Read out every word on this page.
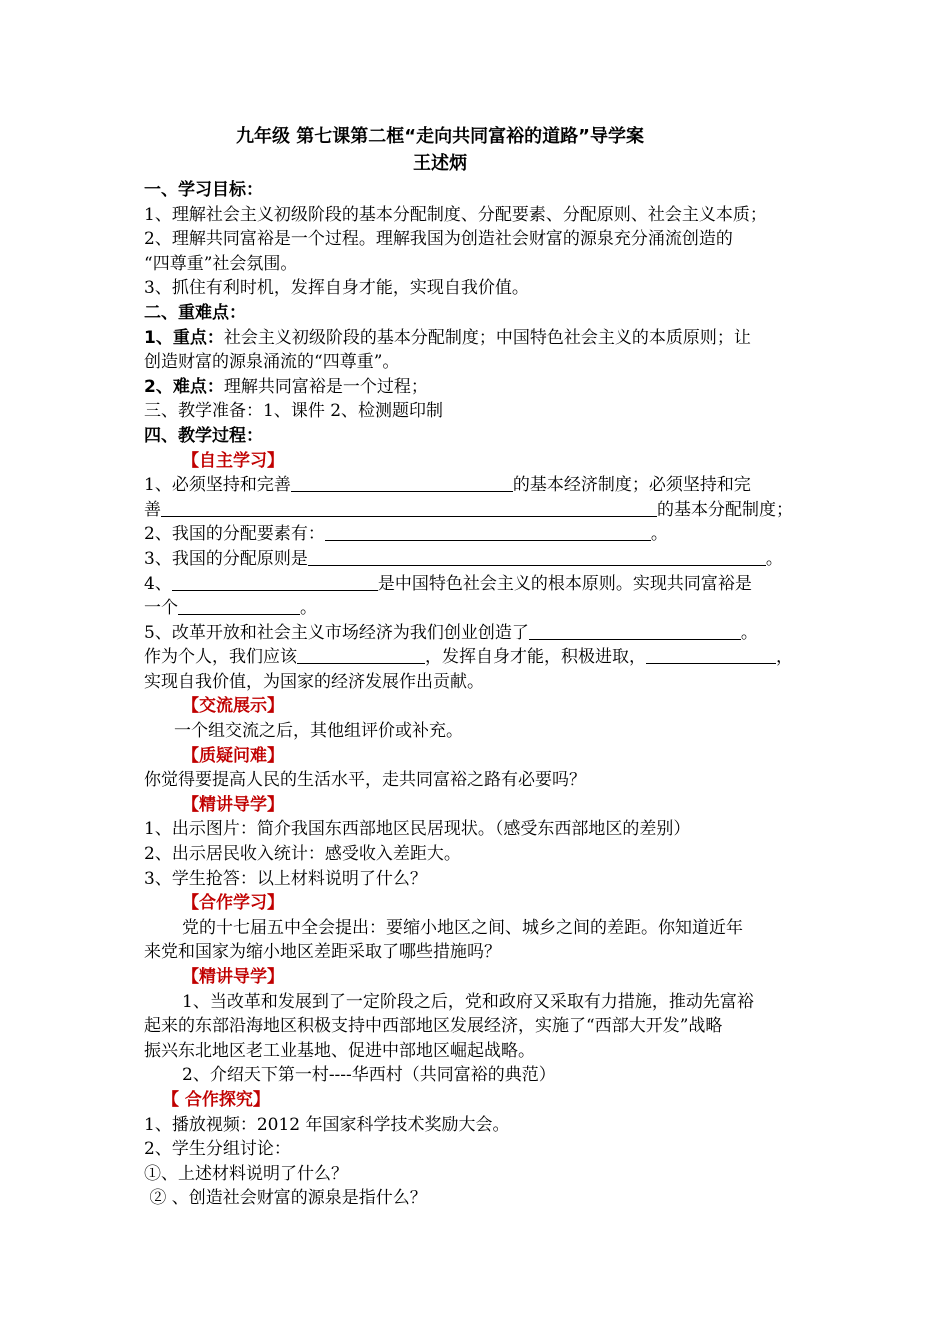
九年级 第七课第二框“走向共同富裕的道路”导学案
王述炳
一、学习目标：
1、理解社会主义初级阶段的基本分配制度、分配要素、分配原则、社会主义本质；
2、理解共同富裕是一个过程。理解我国为创造社会财富的源泉充分涌流创造的
“四尊重”社会氛围。
3、抓住有利时机，发挥自身才能，实现自我价值。
二、重难点：
1、重点：社会主义初级阶段的基本分配制度；中国特色社会主义的本质原则；让
创造财富的源泉涌流的“四尊重”。
2、难点：理解共同富裕是一个过程；
三、教学准备：1、课件 2、检测题印制
四、教学过程：
【自主学习】
1、必须坚持和完善	的基本经济制度；必须坚持和完
善	的基本分配制度；
2、我国的分配要素有：	。
3、我国的分配原则是	。
4、	是中国特色社会主义的根本原则。实现共同富裕是
一个	。
5、改革开放和社会主义市场经济为我们创业创造了	。
作为个人，我们应该	，发挥自身才能，积极进取，	，
实现自我价值，为国家的经济发展作出贡献。
【交流展示】
一个组交流之后，其他组评价或补充。
【质疑问难】
你觉得要提高人民的生活水平，走共同富裕之路有必要吗？
【精讲导学】
1、出示图片：简介我国东西部地区民居现状。（感受东西部地区的差别）
2、出示居民收入统计：感受收入差距大。
3、学生抢答：以上材料说明了什么？
【合作学习】
党的十七届五中全会提出：要缩小地区之间、城乡之间的差距。你知道近年
来党和国家为缩小地区差距采取了哪些措施吗？
【精讲导学】
1、当改革和发展到了一定阶段之后，党和政府又采取有力措施，推动先富裕
起来的东部沿海地区积极支持中西部地区发展经济，实施了“西部大开发”战略
振兴东北地区老工业基地、促进中部地区崛起战略。
2、介绍天下第一村----华西村（共同富裕的典范）
【 合作探究】
1、播放视频：2012 年国家科学技术奖励大会。
2、学生分组讨论：
①、上述材料说明了什么？
② 、创造社会财富的源泉是指什么？
